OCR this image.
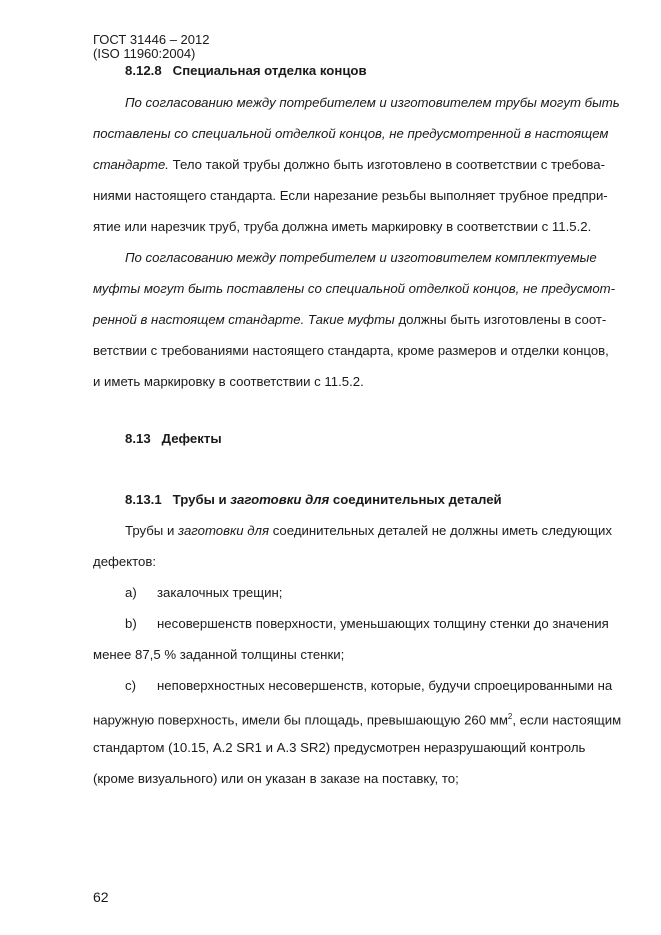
ГОСТ 31446 – 2012
(ISO 11960:2004)
8.12.8 Специальная отделка концов
По согласованию между потребителем и изготовителем трубы могут быть
поставлены со специальной отделкой концов, не предусмотренной в настоящем
стандарте. Тело такой трубы должно быть изготовлено в соответствии с требова-
ниями настоящего стандарта. Если нарезание резьбы выполняет трубное предпри-
ятие или нарезчик труб, труба должна иметь маркировку в соответствии с 11.5.2.
По согласованию между потребителем и изготовителем комплектуемые
муфты могут быть поставлены со специальной отделкой концов, не предусмот-
ренной в настоящем стандарте. Такие муфты должны быть изготовлены в соот-
ветствии с требованиями настоящего стандарта, кроме размеров и отделки концов,
и иметь маркировку в соответствии с 11.5.2.
8.13 Дефекты
8.13.1 Трубы и заготовки для соединительных деталей
Трубы и заготовки для соединительных деталей не должны иметь следующих
дефектов:
a) закалочных трещин;
b) несовершенств поверхности, уменьшающих толщину стенки до значения
менее 87,5 % заданной толщины стенки;
c) неповерхностных несовершенств, которые, будучи спроецированными на
наружную поверхность, имели бы площадь, превышающую 260 $мм^2$, если настоящим
стандартом (10.15, A.2 SR1 и A.3 SR2) предусмотрен неразрушающий контроль
(кроме визуального) или он указан в заказе на поставку, то;
62
